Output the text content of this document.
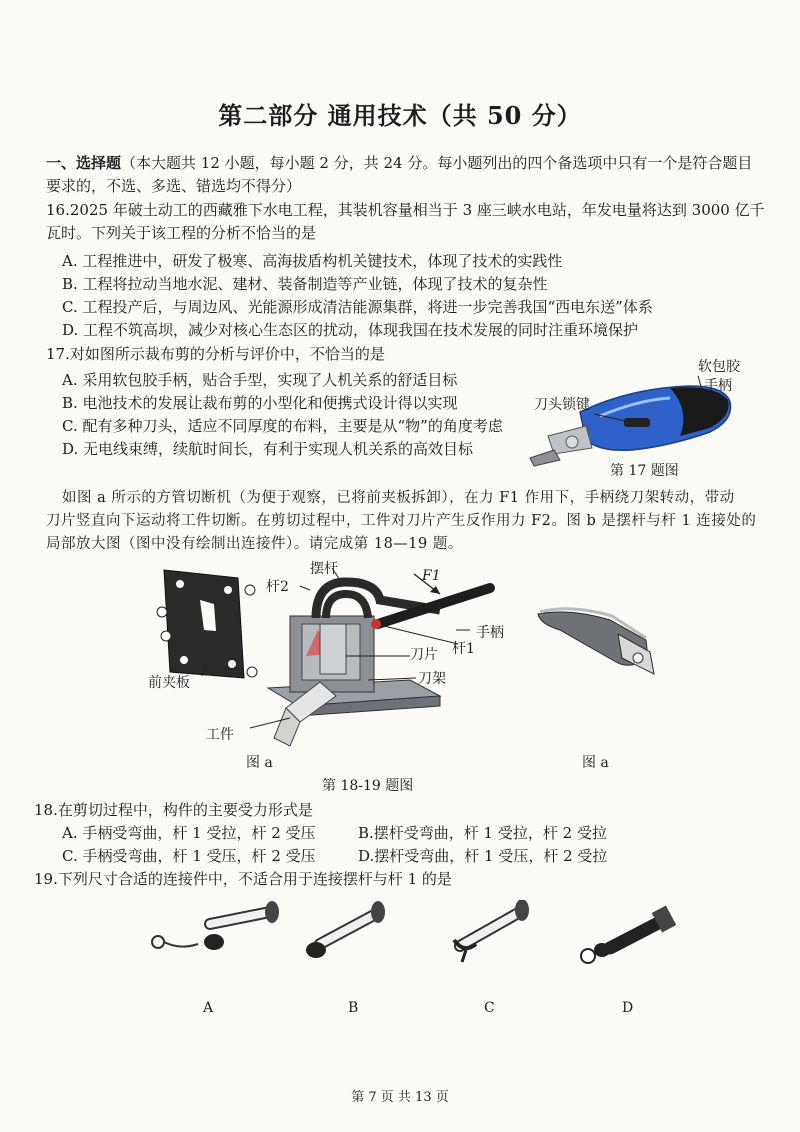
第二部分 通用技术（共 50 分）
一、选择题（本大题共 12 小题，每小题 2 分，共 24 分。每小题列出的四个备选项中只有一个是符合题目
要求的，不选、多选、错选均不得分）
16.2025 年破土动工的西藏雅下水电工程，其装机容量相当于 3 座三峡水电站，年发电量将达到 3000 亿千
瓦时。下列关于该工程的分析不恰当的是
A. 工程推进中，研发了极寒、高海拔盾构机关键技术，体现了技术的实践性
B. 工程将拉动当地水泥、建材、装备制造等产业链，体现了技术的复杂性
C. 工程投产后，与周边风、光能源形成清洁能源集群，将进一步完善我国“西电东送”体系
D. 工程不筑高坝，减少对核心生态区的扰动，体现我国在技术发展的同时注重环境保护
17.对如图所示裁布剪的分析与评价中，不恰当的是
A. 采用软包胶手柄，贴合手型，实现了人机关系的舒适目标
B. 电池技术的发展让裁布剪的小型化和便携式设计得以实现
C. 配有多种刀头，适应不同厚度的布料，主要是从“物”的角度考虑
D. 无电线束缚，续航时间长，有利于实现人机关系的高效目标
软包胶
手柄
刀头锁键
第 17 题图
如图 a 所示的方管切断机（为便于观察，已将前夹板拆卸），在力 F1 作用下，手柄绕刀架转动，带动
刀片竖直向下运动将工件切断。在剪切过程中，工件对刀片产生反作用力 F2。图 b 是摆杆与杆 1 连接处的
局部放大图（图中没有绘制出连接件）。请完成第 18—19 题。
摆杆
杆2
F1
手柄
杆1
刀片
刀架
前夹板
工件
图 a	图 a
第 18-19 题图
18.在剪切过程中，构件的主要受力形式是
A. 手柄受弯曲，杆 1 受拉，杆 2 受压	B.摆杆受弯曲，杆 1 受拉，杆 2 受拉
C. 手柄受弯曲，杆 1 受压，杆 2 受压	D.摆杆受弯曲，杆 1 受压，杆 2 受拉
19.下列尺寸合适的连接件中，不适合用于连接摆杆与杆 1 的是
A	B	C	D
第 7 页 共 13 页
